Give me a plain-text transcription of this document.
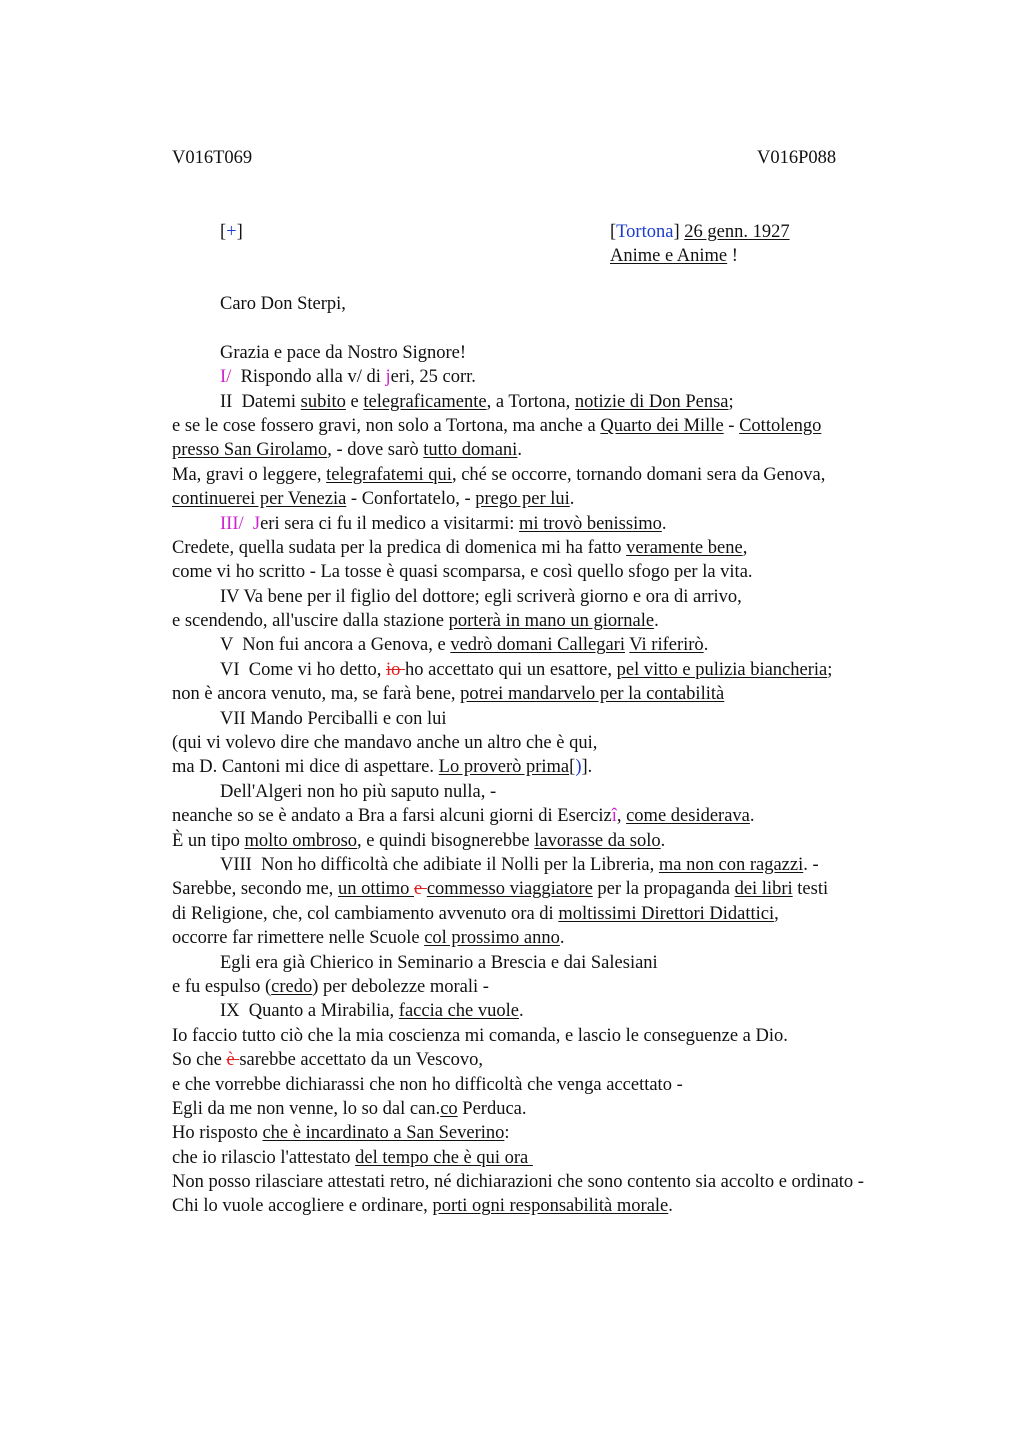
V016T069	V016P088
[+]	[Tortona] 26 genn. 1927
Anime e Anime !
Caro Don Sterpi,
Grazia e pace da Nostro Signore!
I/  Rispondo alla v/ di jeri, 25 corr.
II  Datemi subito e telegraficamente, a Tortona, notizie di Don Pensa;
e se le cose fossero gravi, non solo a Tortona, ma anche a Quarto dei Mille - Cottolengo
presso San Girolamo, - dove sarò tutto domani.
Ma, gravi o leggere, telegrafatemi qui, ché se occorre, tornando domani sera da Genova,
continuerei per Venezia - Confortatelo, - prego per lui.
III/ Jeri sera ci fu il medico a visitarmi: mi trovò benissimo.
Credete, quella sudata per la predica di domenica mi ha fatto veramente bene,
come vi ho scritto - La tosse è quasi scomparsa, e così quello sfogo per la vita.
IV Va bene per il figlio del dottore; egli scriverà giorno e ora di arrivo,
e scendendo, all'uscire dalla stazione porterà in mano un giornale.
V  Non fui ancora a Genova, e vedrò domani Callegari Vi riferirò.
VI  Come vi ho detto, io ho accettato qui un esattore, pel vitto e pulizia biancheria;
non è ancora venuto, ma, se farà bene, potrei mandarvelo per la contabilità
VII Mando Perciballi e con lui
(qui vi volevo dire che mandavo anche un altro che è qui,
ma D. Cantoni mi dice di aspettare. Lo proverò prima[)].
Dell'Algeri non ho più saputo nulla, -
neanche so se è andato a Bra a farsi alcuni giorni di Esercizî, come desiderava.
È un tipo molto ombroso, e quindi bisognerebbe lavorasse da solo.
VIII  Non ho difficoltà che adibiate il Nolli per la Libreria, ma non con ragazzi. -
Sarebbe, secondo me, un ottimo e commesso viaggiatore per la propaganda dei libri testi
di Religione, che, col cambiamento avvenuto ora di moltissimi Direttori Didattici,
occorre far rimettere nelle Scuole col prossimo anno.
Egli era già Chierico in Seminario a Brescia e dai Salesiani
e fu espulso (credo) per debolezze morali -
IX  Quanto a Mirabilia, faccia che vuole.
Io faccio tutto ciò che la mia coscienza mi comanda, e lascio le conseguenze a Dio.
So che è sarebbe accettato da un Vescovo,
e che vorrebbe dichiarassi che non ho difficoltà che venga accettato -
Egli da me non venne, lo so dal can.co Perduca.
Ho risposto che è incardinato a San Severino:
che io rilascio l'attestato del tempo che è qui ora
Non posso rilasciare attestati retro, né dichiarazioni che sono contento sia accolto e ordinato -
Chi lo vuole accogliere e ordinare, porti ogni responsabilità morale.
